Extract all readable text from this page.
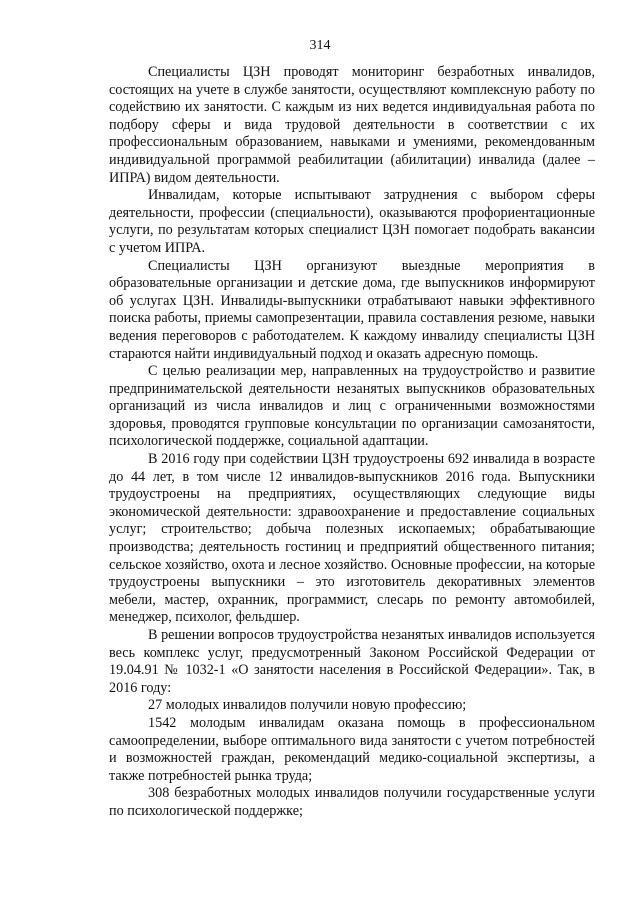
314

Специалисты ЦЗН проводят мониторинг безработных инвалидов, состоящих на учете в службе занятости, осуществляют комплексную работу по содействию их занятости. С каждым из них ведется индивидуальная работа по подбору сферы и вида трудовой деятельности в соответствии с их профессиональным образованием, навыками и умениями, рекомендованным индивидуальной программой реабилитации (абилитации) инвалида (далее – ИПРА) видом деятельности.

Инвалидам, которые испытывают затруднения с выбором сферы деятельности, профессии (специальности), оказываются профориентационные услуги, по результатам которых специалист ЦЗН помогает подобрать вакансии с учетом ИПРА.

Специалисты ЦЗН организуют выездные мероприятия в образовательные организации и детские дома, где выпускников информируют об услугах ЦЗН. Инвалиды-выпускники отрабатывают навыки эффективного поиска работы, приемы самопрезентации, правила составления резюме, навыки ведения переговоров с работодателем. К каждому инвалиду специалисты ЦЗН стараются найти индивидуальный подход и оказать адресную помощь.

С целью реализации мер, направленных на трудоустройство и развитие предпринимательской деятельности незанятых выпускников образовательных организаций из числа инвалидов и лиц с ограниченными возможностями здоровья, проводятся групповые консультации по организации самозанятости, психологической поддержке, социальной адаптации.

В 2016 году при содействии ЦЗН трудоустроены 692 инвалида в возрасте до 44 лет, в том числе 12 инвалидов-выпускников 2016 года. Выпускники трудоустроены на предприятиях, осуществляющих следующие виды экономической деятельности: здравоохранение и предоставление социальных услуг; строительство; добыча полезных ископаемых; обрабатывающие производства; деятельность гостиниц и предприятий общественного питания; сельское хозяйство, охота и лесное хозяйство. Основные профессии, на которые трудоустроены выпускники – это изготовитель декоративных элементов мебели, мастер, охранник, программист, слесарь по ремонту автомобилей, менеджер, психолог, фельдшер.

В решении вопросов трудоустройства незанятых инвалидов используется весь комплекс услуг, предусмотренный Законом Российской Федерации от 19.04.91 № 1032-1 «О занятости населения в Российской Федерации». Так, в 2016 году:

27 молодых инвалидов получили новую профессию;

1542 молодым инвалидам оказана помощь в профессиональном самоопределении, выборе оптимального вида занятости с учетом потребностей и возможностей граждан, рекомендаций медико-социальной экспертизы, а также потребностей рынка труда;

308 безработных молодых инвалидов получили государственные услуги по психологической поддержке;
